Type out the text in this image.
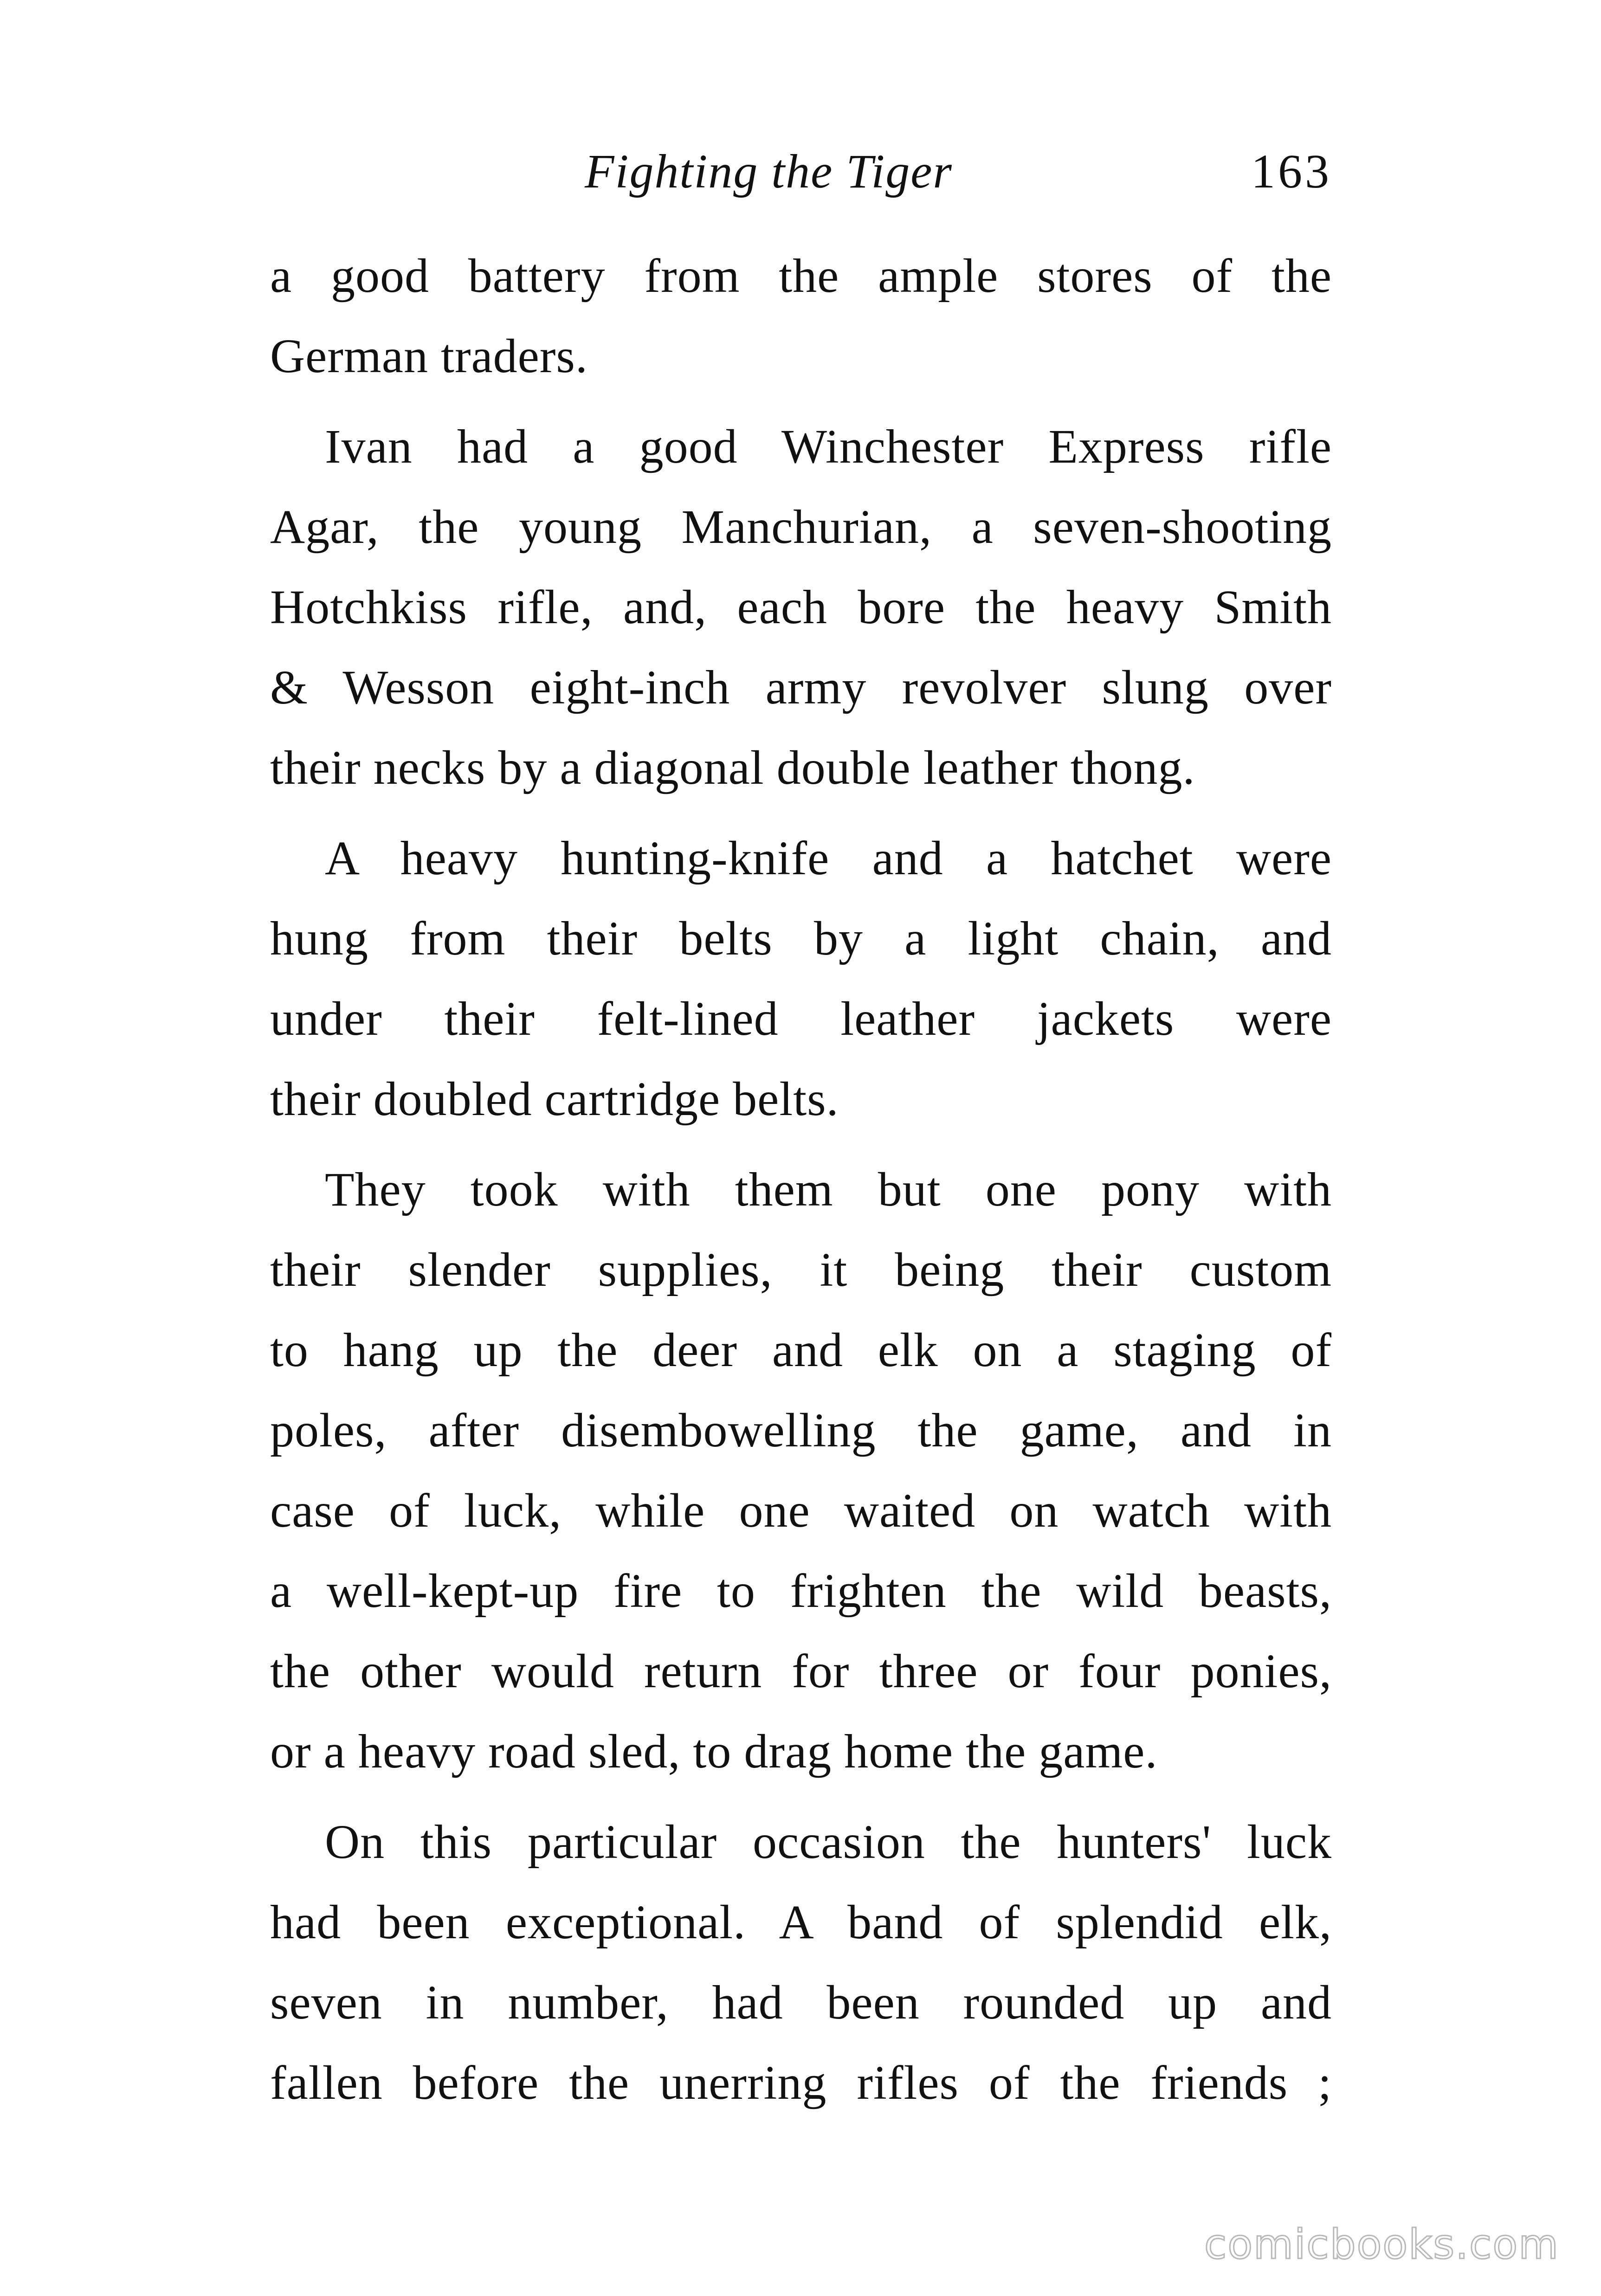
Fighting the Tiger	163
a good battery from the ample stores of the
German traders.
Ivan had a good Winchester Express rifle
Agar, the young Manchurian, a seven-shooting
Hotchkiss rifle, and, each bore the heavy Smith
& Wesson eight-inch army revolver slung over
their necks by a diagonal double leather thong.
A heavy hunting-knife and a hatchet were
hung from their belts by a light chain, and
under their felt-lined leather jackets were
their doubled cartridge belts.
They took with them but one pony with
their slender supplies, it being their custom
to hang up the deer and elk on a staging of
poles, after disembowelling the game, and in
case of luck, while one waited on watch with
a well-kept-up fire to frighten the wild beasts,
the other would return for three or four ponies,
or a heavy road sled, to drag home the game.
On this particular occasion the hunters' luck
had been exceptional. A band of splendid elk,
seven in number, had been rounded up and
fallen before the unerring rifles of the friends ;
comicbooks.com
